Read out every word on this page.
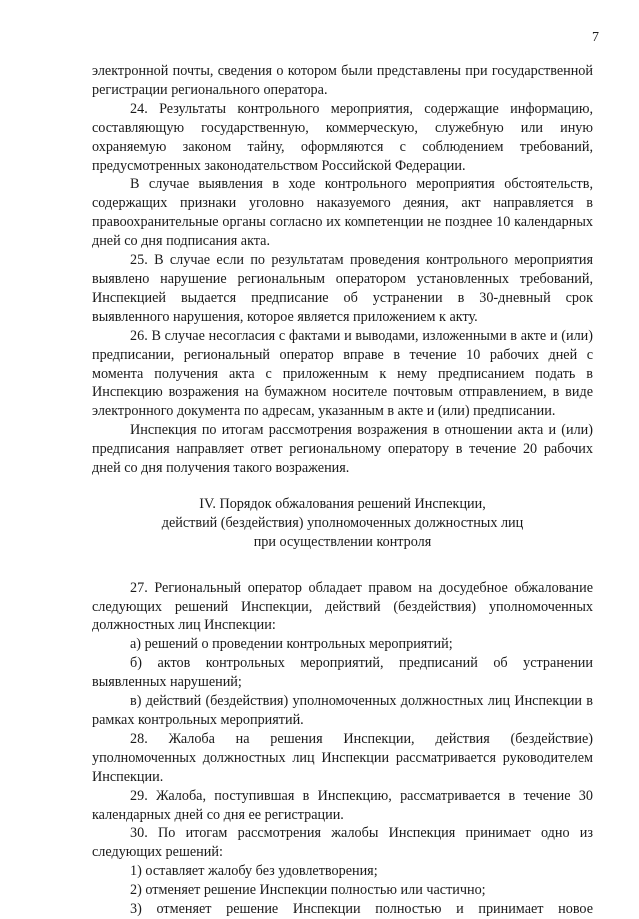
7

электронной почты, сведения о котором были представлены при государственной регистрации регионального оператора.

24. Результаты контрольного мероприятия, содержащие информацию, составляющую государственную, коммерческую, служебную или иную охраняемую законом тайну, оформляются с соблюдением требований, предусмотренных законодательством Российской Федерации.

В случае выявления в ходе контрольного мероприятия обстоятельств, содержащих признаки уголовно наказуемого деяния, акт направляется в правоохранительные органы согласно их компетенции не позднее 10 календарных дней со дня подписания акта.

25. В случае если по результатам проведения контрольного мероприятия выявлено нарушение региональным оператором установленных требований, Инспекцией выдается предписание об устранении в 30-дневный срок выявленного нарушения, которое является приложением к акту.

26. В случае несогласия с фактами и выводами, изложенными в акте и (или) предписании, региональный оператор вправе в течение 10 рабочих дней с момента получения акта с приложенным к нему предписанием подать в Инспекцию возражения на бумажном носителе почтовым отправлением, в виде электронного документа по адресам, указанным в акте и (или) предписании.

Инспекция по итогам рассмотрения возражения в отношении акта и (или) предписания направляет ответ региональному оператору в течение 20 рабочих дней со дня получения такого возражения.

IV. Порядок обжалования решений Инспекции,
действий (бездействия) уполномоченных должностных лиц
при осуществлении контроля

27. Региональный оператор обладает правом на досудебное обжалование следующих решений Инспекции, действий (бездействия) уполномоченных должностных лиц Инспекции:

а) решений о проведении контрольных мероприятий;

б) актов контрольных мероприятий, предписаний об устранении выявленных нарушений;

в) действий (бездействия) уполномоченных должностных лиц Инспекции в рамках контрольных мероприятий.

28. Жалоба на решения Инспекции, действия (бездействие) уполномоченных должностных лиц Инспекции рассматривается руководителем Инспекции.

29. Жалоба, поступившая в Инспекцию, рассматривается в течение 30 календарных дней со дня ее регистрации.

30. По итогам рассмотрения жалобы Инспекция принимает одно из следующих решений:

1) оставляет жалобу без удовлетворения;

2) отменяет решение Инспекции полностью или частично;

3) отменяет решение Инспекции полностью и принимает новое
